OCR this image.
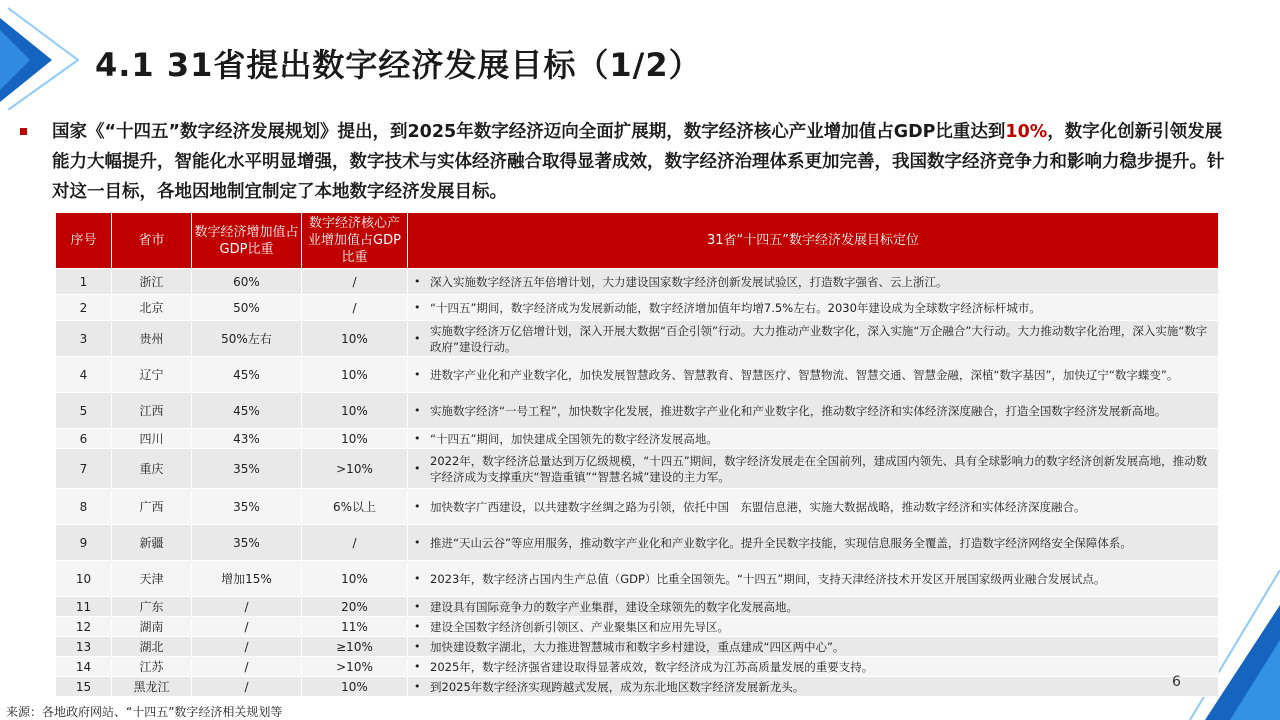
4.1 31省提出数字经济发展目标（1/2）
国家《“十四五”数字经济发展规划》提出，到2025年数字经济迈向全面扩展期，数字经济核心产业增加值占GDP比重达到10%，数字化创新引领发展能力大幅提升，智能化水平明显增强，数字技术与实体经济融合取得显著成效，数字经济治理体系更加完善，我国数字经济竞争力和影响力稳步提升。针对这一目标，各地因地制宜制定了本地数字经济发展目标。
序号	省市	数字经济增加值占GDP比重	数字经济核心产业增加值占GDP比重	31省“十四五”数字经济发展目标定位
1	浙江	60%	/	• 深入实施数字经济五年倍增计划，大力建设国家数字经济创新发展试验区，打造数字强省、云上浙江。
2	北京	50%	/	• “十四五”期间，数字经济成为发展新动能，数字经济增加值年均增7.5%左右。2030年建设成为全球数字经济标杆城市。
3	贵州	50%左右	10%	• 实施数字经济万亿倍增计划，深入开展大数据“百企引领”行动。大力推动产业数字化，深入实施“万企融合”大行动。大力推动数字化治理，深入实施“数字政府”建设行动。
4	辽宁	45%	10%	• 进数字产业化和产业数字化，加快发展智慧政务、智慧教育、智慧医疗、智慧物流、智慧交通、智慧金融，深植“数字基因”，加快辽宁“数字蝶变”。
5	江西	45%	10%	• 实施数字经济“一号工程”，加快数字化发展，推进数字产业化和产业数字化，推动数字经济和实体经济深度融合，打造全国数字经济发展新高地。
6	四川	43%	10%	• “十四五”期间，加快建成全国领先的数字经济发展高地。
7	重庆	35%	>10%	• 2022年，数字经济总量达到万亿级规模，“十四五”期间，数字经济发展走在全国前列，建成国内领先、具有全球影响力的数字经济创新发展高地，推动数字经济成为支撑重庆“智造重镇”“智慧名城”建设的主力军。
8	广西	35%	6%以上	• 加快数字广西建设，以共建数字丝绸之路为引领，依托中国　东盟信息港，实施大数据战略，推动数字经济和实体经济深度融合。
9	新疆	35%	/	• 推进“天山云谷”等应用服务，推动数字产业化和产业数字化。提升全民数字技能，实现信息服务全覆盖，打造数字经济网络安全保障体系。
10	天津	增加15%	10%	• 2023年，数字经济占国内生产总值（GDP）比重全国领先。“十四五”期间，支持天津经济技术开发区开展国家级两业融合发展试点。
11	广东	/	20%	• 建设具有国际竞争力的数字产业集群，建设全球领先的数字化发展高地。
12	湖南	/	11%	• 建设全国数字经济创新引领区、产业聚集区和应用先导区。
13	湖北	/	≥10%	• 加快建设数字湖北，大力推进智慧城市和数字乡村建设，重点建成“四区两中心”。
14	江苏	/	>10%	• 2025年，数字经济强省建设取得显著成效，数字经济成为江苏高质量发展的重要支持。
15	黑龙江	/	10%	• 到2025年数字经济实现跨越式发展，成为东北地区数字经济发展新龙头。	6
来源：各地政府网站、“十四五”数字经济相关规划等
